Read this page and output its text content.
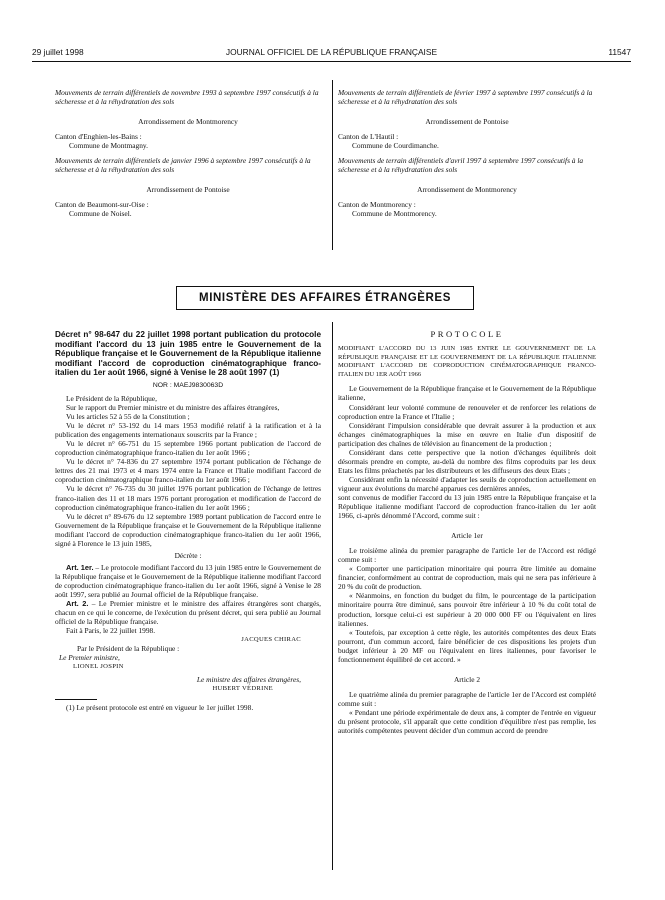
29 juillet 1998	JOURNAL OFFICIEL DE LA RÉPUBLIQUE FRANÇAISE	11547

Mouvements de terrain différentiels de novembre 1993 à septembre 1997 consécutifs à la sécheresse et à la réhydratation des sols

Arrondissement de Montmorency

Canton d'Enghien-les-Bains :

Commune de Montmagny.

Mouvements de terrain différentiels de janvier 1996 à septembre 1997 consécutifs à la sécheresse et à la réhydratation des sols

Arrondissement de Pontoise

Canton de Beaumont-sur-Oise :

Commune de Noisel.

Mouvements de terrain différentiels de février 1997 à septembre 1997 consécutifs à la sécheresse et à la réhydratation des sols

Arrondissement de Pontoise

Canton de L'Hautil :

Commune de Courdimanche.

Mouvements de terrain différentiels d'avril 1997 à septembre 1997 consécutifs à la sécheresse et à la réhydratation des sols

Arrondissement de Montmorency

Canton de Montmorency :

Commune de Montmorency.

MINISTÈRE DES AFFAIRES ÉTRANGÈRES

Décret n° 98-647 du 22 juillet 1998 portant publication du protocole modifiant l'accord du 13 juin 1985 entre le Gouvernement de la République française et le Gouvernement de la République italienne modifiant l'accord de coproduction cinématographique franco-italien du 1er août 1966, signé à Venise le 28 août 1997 (1)

NOR : MAEJ9830063D

Le Président de la République,

Sur le rapport du Premier ministre et du ministre des affaires étrangères,

Vu les articles 52 à 55 de la Constitution ;

Vu le décret n° 53-192 du 14 mars 1953 modifié relatif à la ratification et à la publication des engagements internationaux souscrits par la France ;

Vu le décret n° 66-751 du 15 septembre 1966 portant publication de l'accord de coproduction cinématographique franco-italien du 1er août 1966 ;

Vu le décret n° 74-836 du 27 septembre 1974 portant publication de l'échange de lettres des 21 mai 1973 et 4 mars 1974 entre la France et l'Italie modifiant l'accord de coproduction cinématographique franco-italien du 1er août 1966 ;

Vu le décret n° 76-735 du 30 juillet 1976 portant publication de l'échange de lettres franco-italien des 11 et 18 mars 1976 portant prorogation et modification de l'accord de coproduction cinématographique franco-italien du 1er août 1966 ;

Vu le décret n° 89-676 du 12 septembre 1989 portant publication de l'accord entre le Gouvernement de la République française et le Gouvernement de la République italienne modifiant l'accord de coproduction cinématographique franco-italien du 1er août 1966, signé à Florence le 13 juin 1985,

Décrète :

Art. 1er. – Le protocole modifiant l'accord du 13 juin 1985 entre le Gouvernement de la République française et le Gouvernement de la République italienne modifiant l'accord de coproduction cinématographique franco-italien du 1er août 1966, signé à Venise le 28 août 1997, sera publié au Journal officiel de la République française.

Art. 2. – Le Premier ministre et le ministre des affaires étrangères sont chargés, chacun en ce qui le concerne, de l'exécution du présent décret, qui sera publié au Journal officiel de la République française.

Fait à Paris, le 22 juillet 1998.

JACQUES CHIRAC

Par le Président de la République :

Le Premier ministre,

LIONEL JOSPIN

Le ministre des affaires étrangères,

HUBERT VÉDRINE

(1) Le présent protocole est entré en vigueur le 1er juillet 1998.

PROTOCOLE

MODIFIANT L'ACCORD DU 13 JUIN 1985 ENTRE LE GOUVERNEMENT DE LA RÉPUBLIQUE FRANÇAISE ET LE GOUVERNEMENT DE LA RÉPUBLIQUE ITALIENNE MODIFIANT L'ACCORD DE COPRODUCTION CINÉMATOGRAPHIQUE FRANCO-ITALIEN DU 1ER AOÛT 1966

Le Gouvernement de la République française et le Gouvernement de la République italienne,

Considérant leur volonté commune de renouveler et de renforcer les relations de coproduction entre la France et l'Italie ;

Considérant l'impulsion considérable que devrait assurer à la production et aux échanges cinématographiques la mise en œuvre en Italie d'un dispositif de participation des chaînes de télévision au financement de la production ;

Considérant dans cette perspective que la notion d'échanges équilibrés doit désormais prendre en compte, au-delà du nombre des films coproduits par les deux Etats les films préachetés par les distributeurs et les diffuseurs des deux Etats ;

Considérant enfin la nécessité d'adapter les seuils de coproduction actuellement en vigueur aux évolutions du marché apparues ces dernières années,

sont convenus de modifier l'accord du 13 juin 1985 entre la République française et la République italienne modifiant l'accord de coproduction franco-italien du 1er août 1966, ci-après dénommé l'Accord, comme suit :

Article 1er

Le troisième alinéa du premier paragraphe de l'article 1er de l'Accord est rédigé comme suit :

« Comporter une participation minoritaire qui pourra être limitée au domaine financier, conformément au contrat de coproduction, mais qui ne sera pas inférieure à 20 % du coût de production.

« Néanmoins, en fonction du budget du film, le pourcentage de la participation minoritaire pourra être diminué, sans pouvoir être inférieur à 10 % du coût total de production, lorsque celui-ci est supérieur à 20 000 000 FF ou l'équivalent en lires italiennes.

« Toutefois, par exception à cette règle, les autorités compétentes des deux Etats pourront, d'un commun accord, faire bénéficier de ces dispositions les projets d'un budget inférieur à 20 MF ou l'équivalent en lires italiennes, pour favoriser le fonctionnement équilibré de cet accord. »

Article 2

Le quatrième alinéa du premier paragraphe de l'article 1er de l'Accord est complété comme suit :

« Pendant une période expérimentale de deux ans, à compter de l'entrée en vigueur du présent protocole, s'il apparaît que cette condition d'équilibre n'est pas remplie, les autorités compétentes peuvent décider d'un commun accord de prendre
